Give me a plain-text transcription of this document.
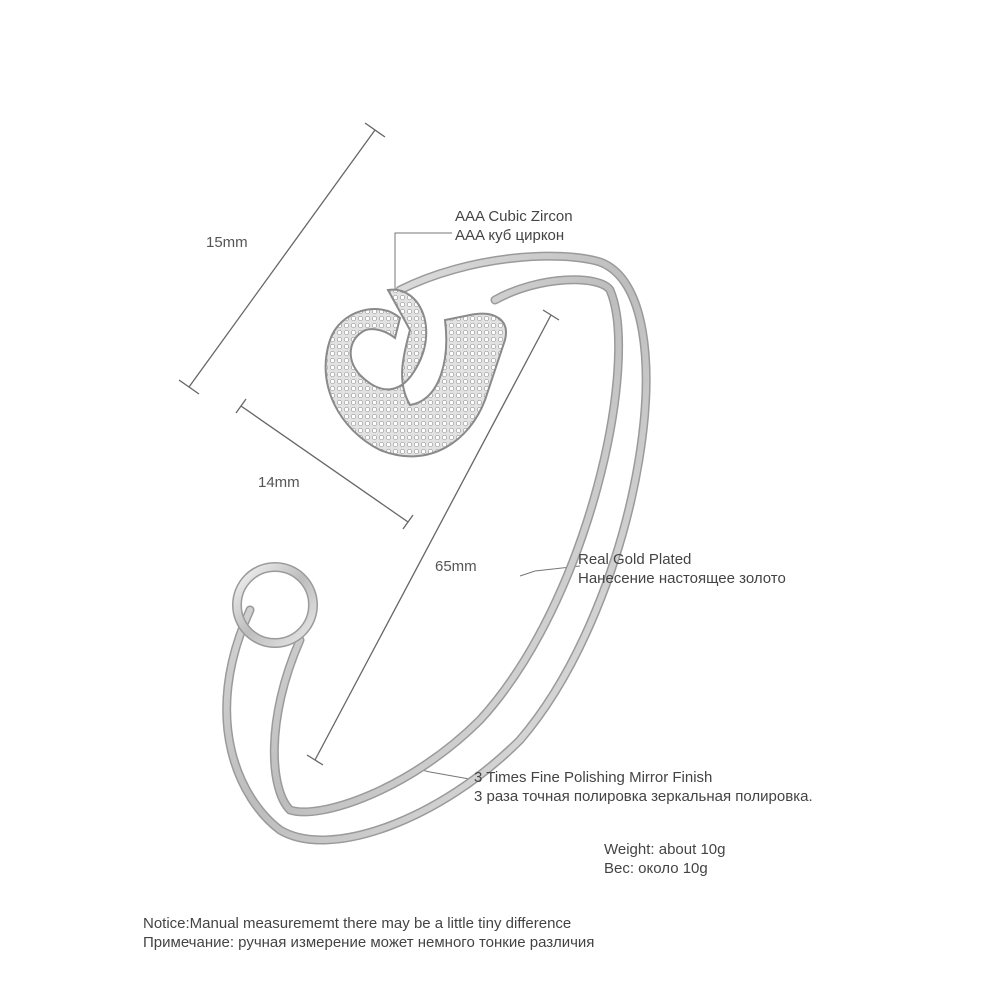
15mm
14mm
65mm
AAA Cubic Zircon
AAA куб циркон
Real Gold Plated
Нанесение настоящее золото
3 Times Fine Polishing Mirror Finish
3 раза точная полировка зеркальная полировка.
Weight: about 10g
Вес: около 10g
Notice:Manual measurememt there may be a little tiny difference
Примечание: ручная измерение может немного тонкие различия
